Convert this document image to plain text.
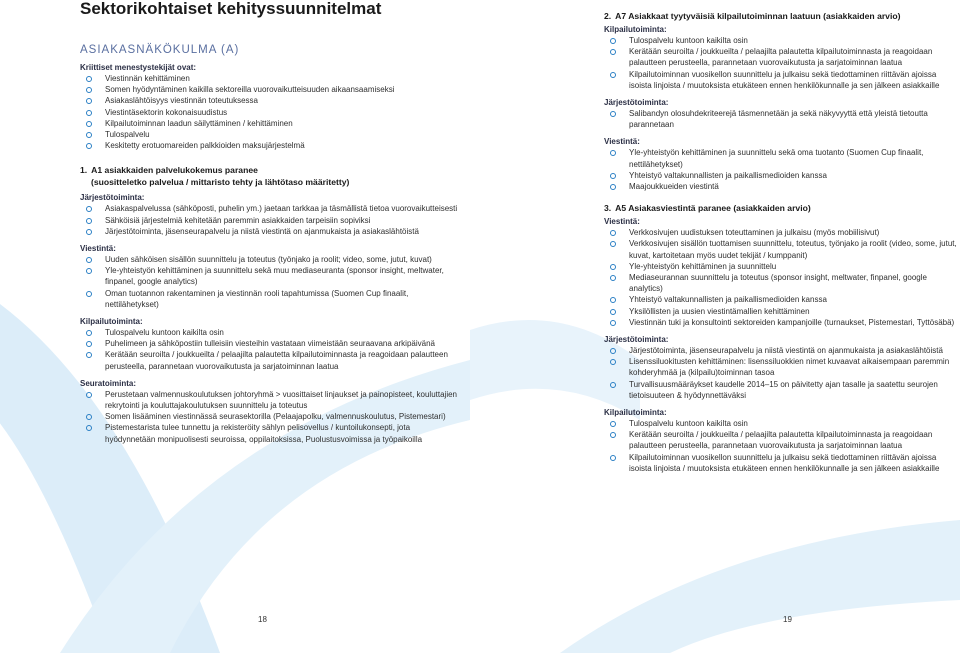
Sektorikohtaiset kehityssuunnitelmat
ASIAKASNÄKÖKULMA (A)
Kriittiset menestystekijät ovat:
Viestinnän kehittäminen
Somen hyödyntäminen kaikilla sektoreilla vuorovaikutteisuuden aikaansaamiseksi
Asiakaslähtöisyys viestinnän toteutuksessa
Viestintäsektorin kokonaisuudistus
Kilpailutoiminnan laadun säilyttäminen / kehittäminen
Tulospalvelu
Keskitetty erotuomareiden palkkioiden maksujärjestelmä
1. A1 asiakkaiden palvelukokemus paranee
(suositteletko palvelua / mittaristo tehty ja lähtötaso määritetty)
Järjestötoiminta:
Asiakaspalvelussa (sähköposti, puhelin ym.) jaetaan tarkkaa ja täsmällistä tietoa vuorovaikutteisesti
Sähköisiä järjestelmiä kehitetään paremmin asiakkaiden tarpeisiin sopiviksi
Järjestötoiminta, jäsenseurapalvelu ja niistä viestintä on ajanmukaista ja asiakaslähtöistä
Viestintä:
Uuden sähköisen sisällön suunnittelu ja toteutus (työnjako ja roolit; video, some, jutut, kuvat)
Yle-yhteistyön kehittäminen ja suunnittelu sekä muu mediaseuranta (sponsor insight, meltwater, finpanel, google analytics)
Oman tuotannon rakentaminen ja viestinnän rooli tapahtumissa (Suomen Cup finaalit, nettilähetykset)
Kilpailutoiminta:
Tulospalvelu kuntoon kaikilta osin
Puhelimeen ja sähköpostiin tulleisiin viesteihin vastataan viimeistään seuraavana arkipäivänä
Kerätään seuroilta / joukkueilta / pelaajilta palautetta kilpailutoiminnasta ja reagoidaan palautteen perusteella, parannetaan vuorovaikutusta ja sarjatoiminnan laatua
Seuratoiminta:
Perustetaan valmennuskoulutuksen johtoryhmä > vuosittaiset linjaukset ja painopisteet, kouluttajien rekrytointi ja kouluttajakoulutuksen suunnittelu ja toteutus
Somen lisääminen viestinnässä seurasektorilla (Pelaajapolku, valmennuskoulutus, Pistemestari)
Pistemestarista tulee tunnettu ja rekisteröity sählyn pelisovellus / kuntoilukonsepti, jota hyödynnetään monipuolisesti seuroissa, oppilaitoksissa, Puolustusvoimissa ja työpaikoilla
18
2. A7 Asiakkaat tyytyväisiä kilpailutoiminnan laatuun (asiakkaiden arvio)
Kilpailutoiminta:
Tulospalvelu kuntoon kaikilta osin
Kerätään seuroilta / joukkueilta / pelaajilta palautetta kilpailutoiminnasta ja reagoidaan palautteen perusteella, parannetaan vuorovaikutusta ja sarjatoiminnan laatua
Kilpailutoiminnan vuosikellon suunnittelu ja julkaisu sekä tiedottaminen riittävän ajoissa isoista linjoista / muutoksista etukäteen ennen henkilökunnalle ja sen jälkeen asiakkaille
Järjestötoiminta:
Salibandyn olosuhdekriteerejä täsmennetään ja sekä näkyvyyttä että yleistä tietoutta parannetaan
Viestintä:
Yle-yhteistyön kehittäminen ja suunnittelu sekä oma tuotanto (Suomen Cup finaalit, nettilähetykset)
Yhteistyö valtakunnallisten ja paikallismedioiden kanssa
Maajoukkueiden viestintä
3. A5 Asiakasviestintä paranee (asiakkaiden arvio)
Viestintä:
Verkkosivujen uudistuksen toteuttaminen ja julkaisu (myös mobiilisivut)
Verkkosivujen sisällön tuottamisen suunnittelu, toteutus, työnjako ja roolit (video, some, jutut, kuvat, kartoitetaan myös uudet tekijät / kumppanit)
Yle-yhteistyön kehittäminen ja suunnittelu
Mediaseurannan suunnittelu ja toteutus (sponsor insight, meltwater, finpanel, google analytics)
Yhteistyö valtakunnallisten ja paikallismedioiden kanssa
Yksilöllisten ja uusien viestintämallien kehittäminen
Viestinnän tuki ja konsultointi sektoreiden kampanjoille (turnaukset, Pistemestari, Tyttösäbä)
Järjestötoiminta:
Järjestötoiminta, jäsenseurapalvelu ja niistä viestintä on ajanmukaista ja asiakaslähtöistä
Lisenssiluokitusten kehittäminen: lisenssiluokkien nimet kuvaavat aikaisempaan paremmin kohderyhmää ja (kilpailu)toiminnan tasoa
Turvallisuusmääräykset kaudelle 2014–15 on päivitetty ajan tasalle ja saatettu seurojen tietoisuuteen & hyödynnettäväksi
Kilpailutoiminta:
Tulospalvelu kuntoon kaikilta osin
Kerätään seuroilta / joukkueilta / pelaajilta palautetta kilpailutoiminnasta ja reagoidaan palautteen perusteella, parannetaan vuorovaikutusta ja sarjatoiminnan laatua
Kilpailutoiminnan vuosikellon suunnittelu ja julkaisu sekä tiedottaminen riittävän ajoissa isoista linjoista / muutoksista etukäteen ennen henkilökunnalle ja sen jälkeen asiakkaille
19
